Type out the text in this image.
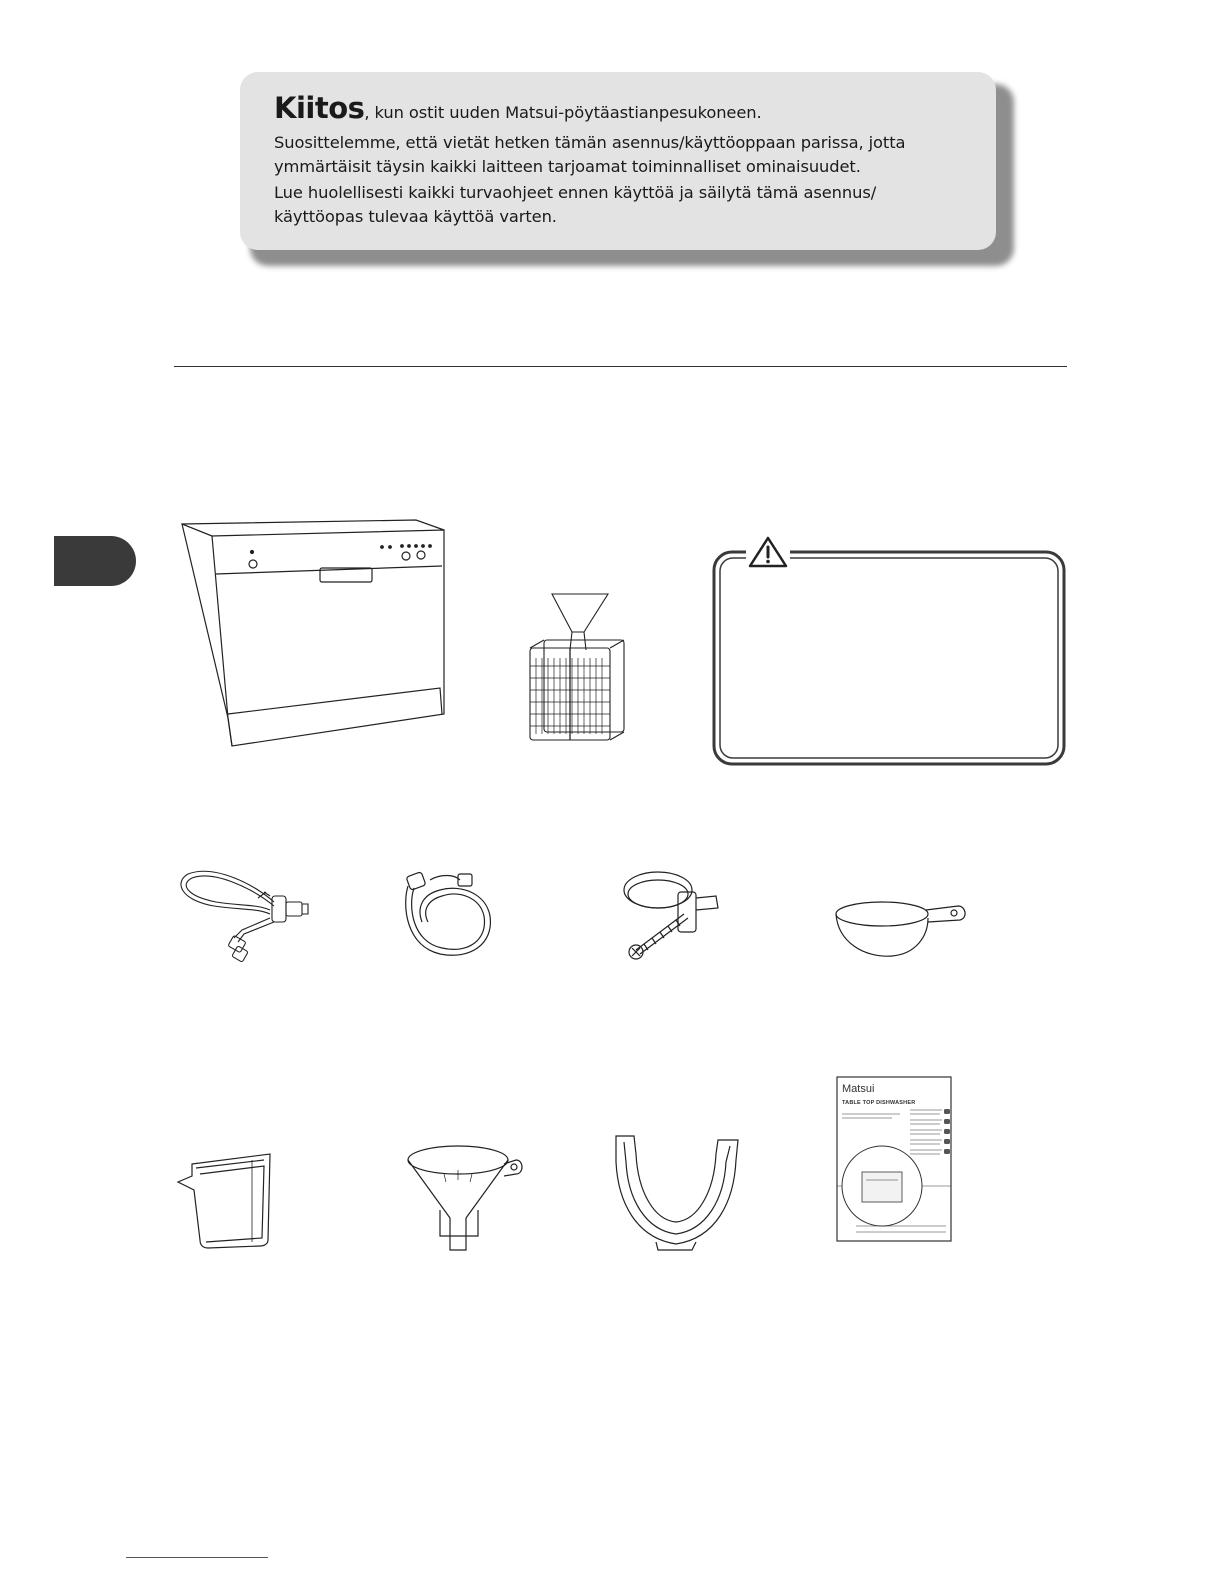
Kiitos, kun ostit uuden Matsui-pöytäastianpesukoneen.
Suosittelemme, että vietät hetken tämän asennus/käyttöoppaan parissa, jotta
ymmärtäisit täysin kaikki laitteen tarjoamat toiminnalliset ominaisuudet.
Lue huolellisesti kaikki turvaohjeet ennen käyttöä ja säilytä tämä asennus/
käyttöopas tulevaa käyttöä varten.
Matsui
TABLE TOP DISHWASHER
